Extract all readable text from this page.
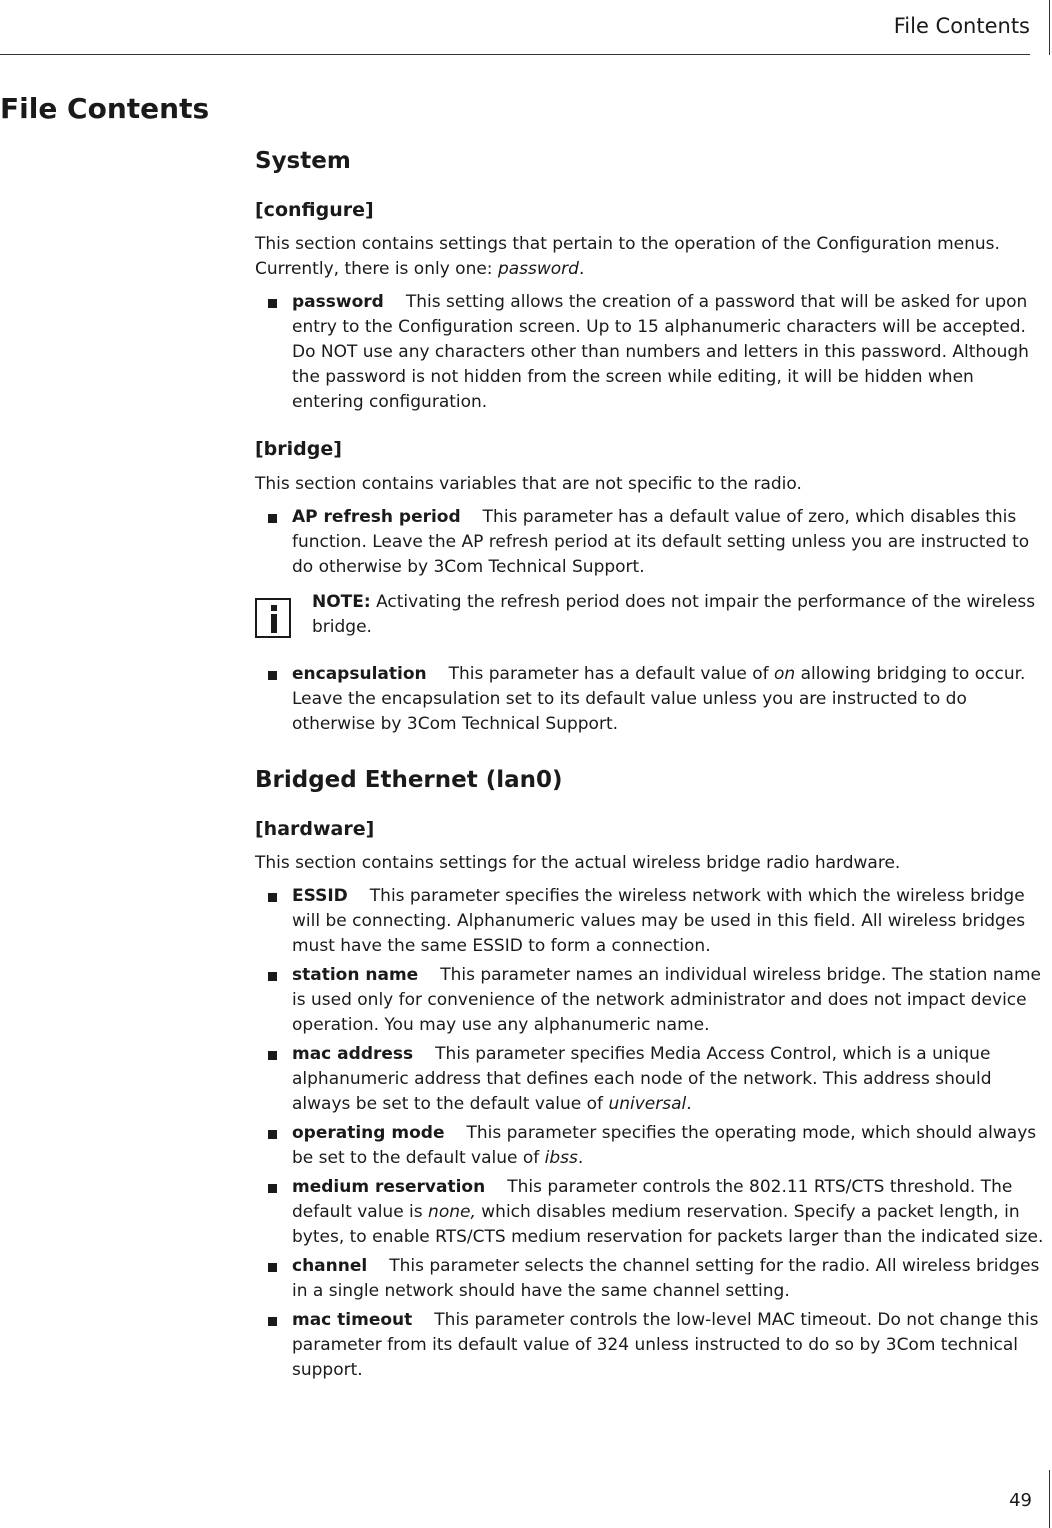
File Contents
File Contents
System
[configure]

This section contains settings that pertain to the operation of the Configuration menus. Currently, there is only one: password.

password This setting allows the creation of a password that will be asked for upon entry to the Configuration screen. Up to 15 alphanumeric characters will be accepted. Do NOT use any characters other than numbers and letters in this password. Although the password is not hidden from the screen while editing, it will be hidden when entering configuration.
[bridge]

This section contains variables that are not specific to the radio.

AP refresh period This parameter has a default value of zero, which disables this function. Leave the AP refresh period at its default setting unless you are instructed to do otherwise by 3Com Technical Support.

NOTE: Activating the refresh period does not impair the performance of the wireless bridge.

encapsulation This parameter has a default value of on allowing bridging to occur. Leave the encapsulation set to its default value unless you are instructed to do otherwise by 3Com Technical Support.
Bridged Ethernet (lan0)
[hardware]

This section contains settings for the actual wireless bridge radio hardware.

ESSID This parameter specifies the wireless network with which the wireless bridge will be connecting. Alphanumeric values may be used in this field. All wireless bridges must have the same ESSID to form a connection.
station name This parameter names an individual wireless bridge. The station name is used only for convenience of the network administrator and does not impact device operation. You may use any alphanumeric name.
mac address This parameter specifies Media Access Control, which is a unique alphanumeric address that defines each node of the network. This address should always be set to the default value of universal.
operating mode This parameter specifies the operating mode, which should always be set to the default value of ibss.
medium reservation This parameter controls the 802.11 RTS/CTS threshold. The default value is none, which disables medium reservation. Specify a packet length, in bytes, to enable RTS/CTS medium reservation for packets larger than the indicated size.
channel This parameter selects the channel setting for the radio. All wireless bridges in a single network should have the same channel setting.
mac timeout This parameter controls the low-level MAC timeout. Do not change this parameter from its default value of 324 unless instructed to do so by 3Com technical support.
49
